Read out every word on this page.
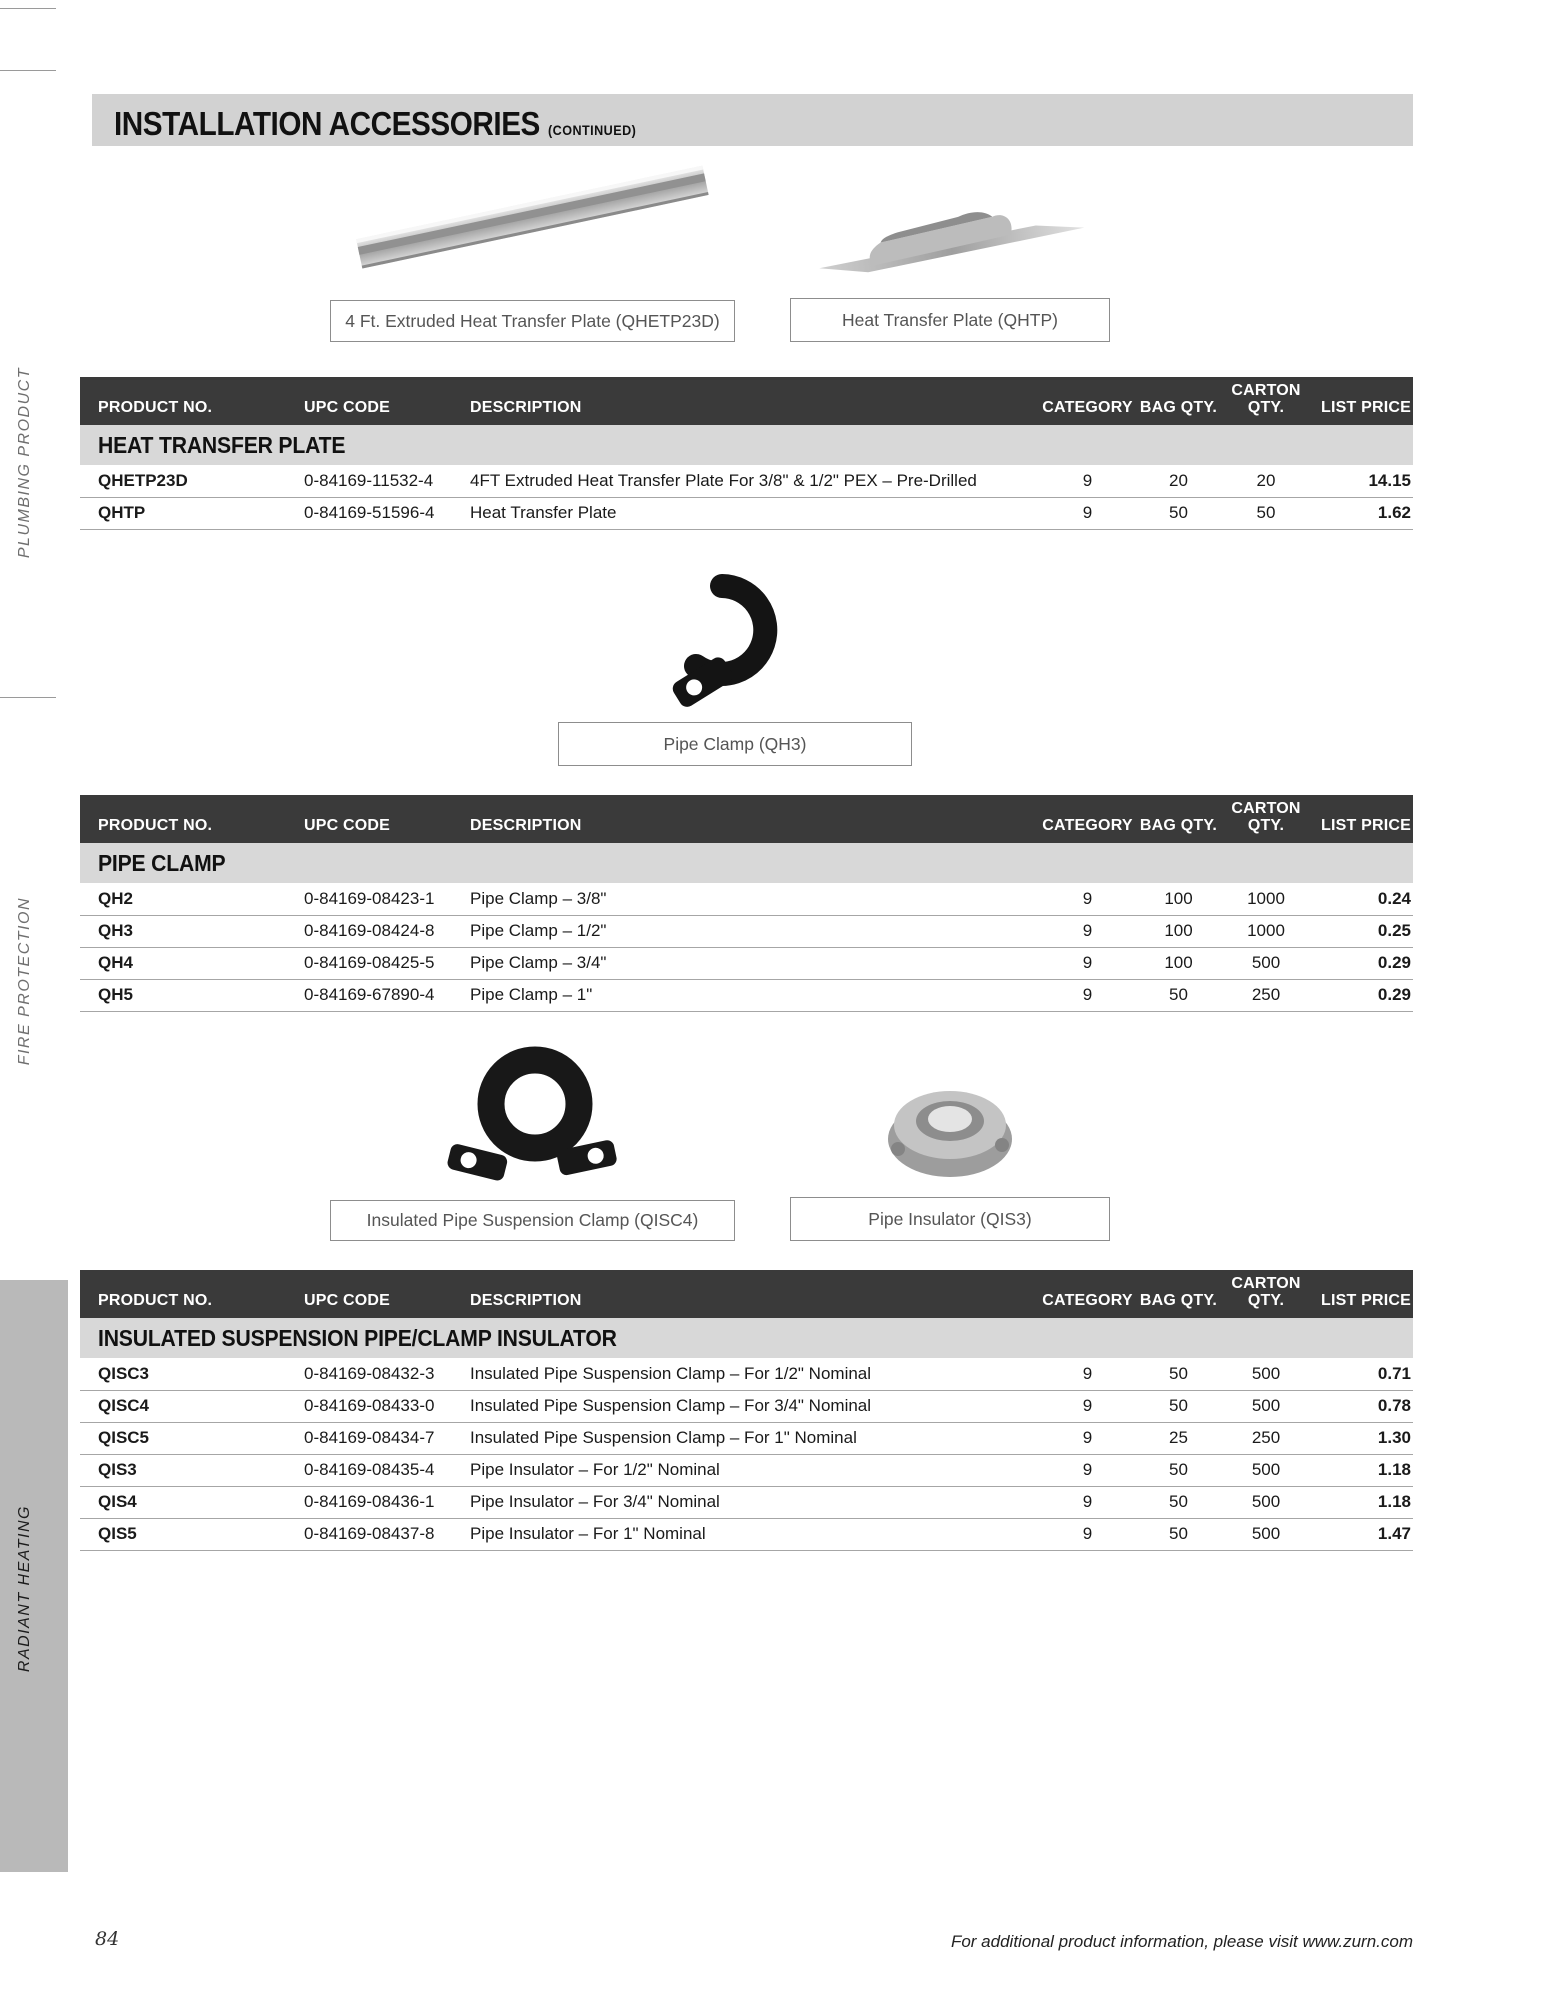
PLUMBING PRODUCT
FIRE PROTECTION
RADIANT HEATING
INSTALLATION ACCESSORIES (CONTINUED)
4 Ft. Extruded Heat Transfer Plate (QHETP23D)	Heat Transfer Plate (QHTP)
PRODUCT NO.	UPC CODE	DESCRIPTION	CATEGORY	BAG QTY.	CARTON
QTY.	LIST PRICE
HEAT TRANSFER PLATE						
QHETP23D	0-84169-11532-4	4FT Extruded Heat Transfer Plate For 3/8" & 1/2" PEX – Pre-Drilled	9	20	20	14.15
QHTP	0-84169-51596-4	Heat Transfer Plate	9	50	50	1.62
Pipe Clamp (QH3)
PRODUCT NO.	UPC CODE	DESCRIPTION	CATEGORY	BAG QTY.	CARTON
QTY.	LIST PRICE
PIPE CLAMP						
QH2	0-84169-08423-1	Pipe Clamp – 3/8"	9	100	1000	0.24
QH3	0-84169-08424-8	Pipe Clamp – 1/2"	9	100	1000	0.25
QH4	0-84169-08425-5	Pipe Clamp – 3/4"	9	100	500	0.29
QH5	0-84169-67890-4	Pipe Clamp – 1"	9	50	250	0.29
Insulated Pipe Suspension Clamp (QISC4)	Pipe Insulator (QIS3)
PRODUCT NO.	UPC CODE	DESCRIPTION	CATEGORY	BAG QTY.	CARTON
QTY.	LIST PRICE
INSULATED SUSPENSION PIPE/CLAMP INSULATOR						
QISC3	0-84169-08432-3	Insulated Pipe Suspension Clamp – For 1/2" Nominal	9	50	500	0.71
QISC4	0-84169-08433-0	Insulated Pipe Suspension Clamp – For 3/4" Nominal	9	50	500	0.78
QISC5	0-84169-08434-7	Insulated Pipe Suspension Clamp – For 1" Nominal	9	25	250	1.30
QIS3	0-84169-08435-4	Pipe Insulator – For 1/2" Nominal	9	50	500	1.18
QIS4	0-84169-08436-1	Pipe Insulator – For 3/4" Nominal	9	50	500	1.18
QIS5	0-84169-08437-8	Pipe Insulator – For 1" Nominal	9	50	500	1.47
84	For additional product information, please visit www.zurn.com
